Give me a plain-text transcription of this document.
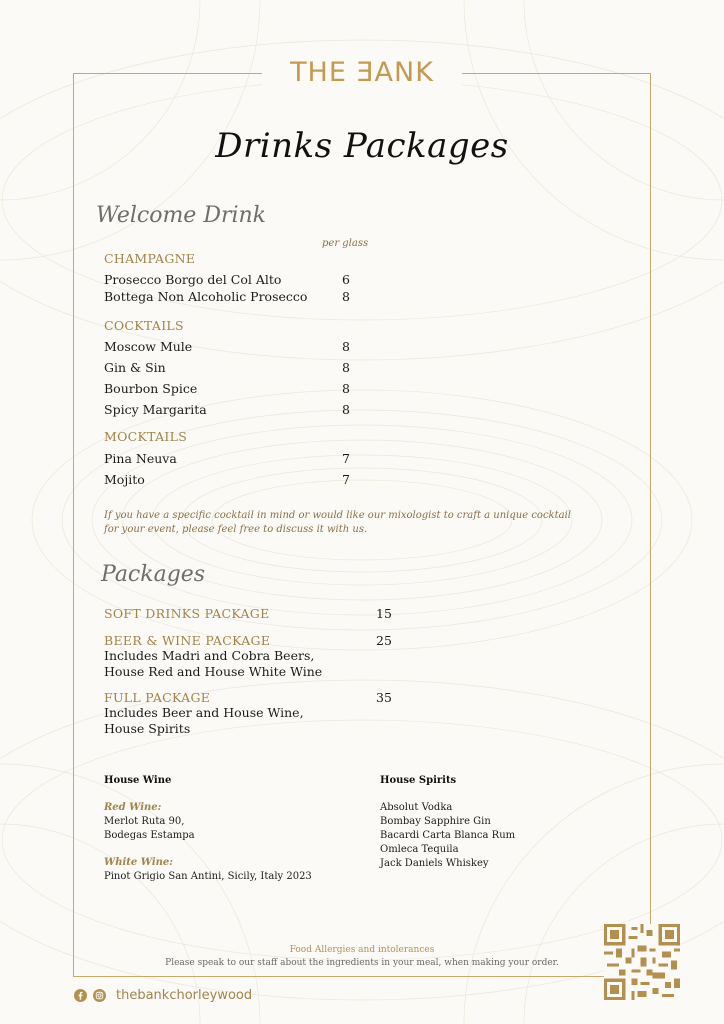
THE ƎANK
Drinks Packages
Welcome Drink
per glass
CHAMPAGNE
Prosecco Borgo del Col Alto	6
Bottega Non Alcoholic Prosecco	8
COCKTAILS
Moscow Mule	8
Gin & Sin	8
Bourbon Spice	8
Spicy Margarita	8
MOCKTAILS
Pina Neuva	7
Mojito	7
If you have a specific cocktail in mind or would like our mixologist to craft a unique cocktail
for your event, please feel free to discuss it with us.
Packages
SOFT DRINKS PACKAGE	15
BEER & WINE PACKAGE	25
Includes Madri and Cobra Beers,
House Red and House White Wine
FULL PACKAGE	35
Includes Beer and House Wine,
House Spirits
House Wine
Red Wine:
Merlot Ruta 90,
Bodegas Estampa
White Wine:
Pinot Grigio San Antini, Sicily, Italy 2023
House Spirits
Absolut Vodka
Bombay Sapphire Gin
Bacardi Carta Blanca Rum
Omleca Tequila
Jack Daniels Whiskey
Food Allergies and intolerances
Please speak to our staff about the ingredients in your meal, when making your order.
thebankchorleywood
